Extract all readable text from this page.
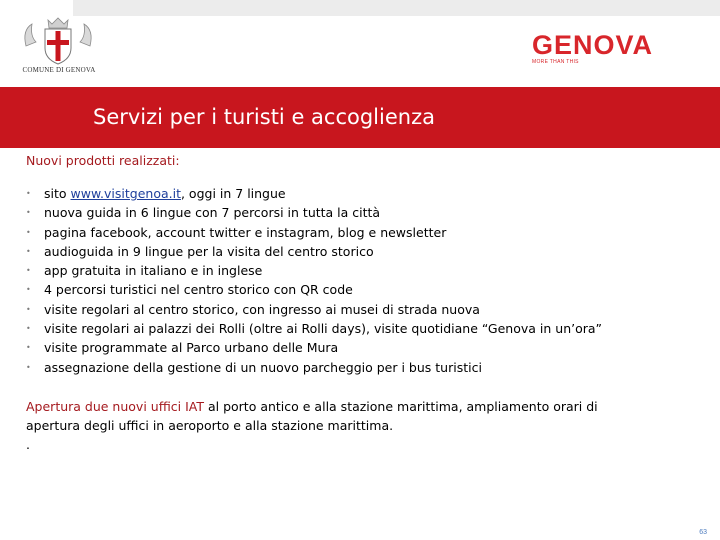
COMUNE DI GENOVA
GENOVA
MORE THAN THIS
Servizi per i turisti e accoglienza
Nuovi prodotti realizzati:
• sito www.visitgenoa.it, oggi in 7 lingue
• nuova guida in 6 lingue con 7 percorsi in tutta la città
• pagina facebook, account twitter e instagram, blog e newsletter
• audioguida in 9 lingue per la visita del centro storico
• app gratuita in italiano e in inglese
• 4 percorsi turistici nel centro storico con QR code
• visite regolari al centro storico, con ingresso ai musei di strada nuova
• visite regolari ai palazzi dei Rolli (oltre ai Rolli days), visite quotidiane “Genova in un’ora”
• visite programmate al Parco urbano delle Mura
• assegnazione della gestione di un nuovo parcheggio per i bus turistici
Apertura due nuovi uffici IAT al porto antico e alla stazione marittima, ampliamento orari di
apertura degli uffici in aeroporto e alla stazione marittima.
.
63
